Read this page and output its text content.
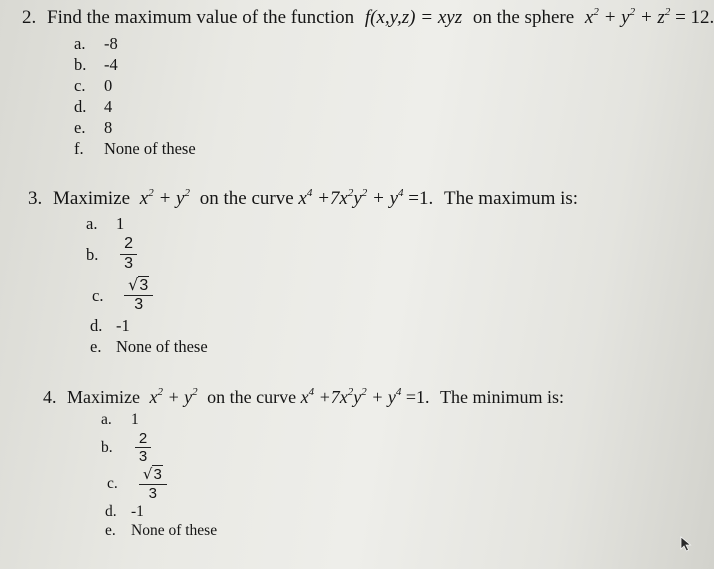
2. Find the maximum value of the function f(x,y,z) = xyz on the sphere $x^2 + y^2 + z^2 = 12$.
a. -8
b. -4
c. 0
d. 4
e. 8
f. None of these
3. Maximize $x^2 + y^2$ on the curve $x^4 +7x^2y^2 + y^4 =1$. The maximum is:
a. 1
b. $\frac{2}{3}$
c. $\frac{√3}{3}$
d. -1
e. None of these
4. Maximize $x^2 + y^2$ on the curve $x^4 +7x^2y^2 + y^4 =1$. The minimum is:
a. 1
b. $\frac{2}{3}$
c. $\frac{√3}{3}$
d. -1
e. None of these
